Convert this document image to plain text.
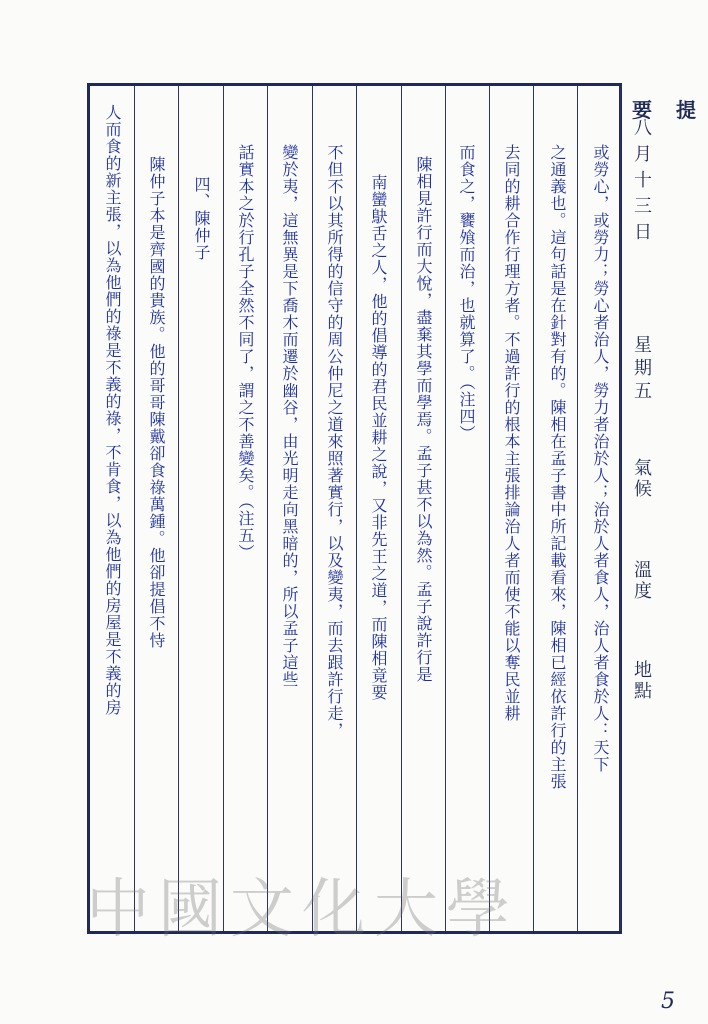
要	提
或勞心，或勞力；勞心者治人，勞力者治於人；治於人者食人，治人者食於人：天下
之通義也。這句話是在針對有的。陳相在孟子書中所記載看來，陳相已經依許行的主張
去同的耕合作行理方者。不過許行的根本主張排論治人者而使不能以奪民並耕
而食之，饔飧而治，也就算了。（注四）
陳相見許行而大悅，盡棄其學而學焉。孟子甚不以為然。孟子說許行是
南蠻鴃舌之人，他的倡導的君民並耕之說，又非先王之道，而陳相竟要
不但不以其所得的信守的周公仲尼之道來照著實行，以及變夷，而去跟許行走，
變於夷，這無異是下喬木而遷於幽谷，由光明走向黑暗的，所以孟子這些
話實本之於行孔子全然不同了，謂之不善變矣。（注五）
四、陳仲子
陳仲子本是齊國的貴族。他的哥哥陳戴卻食祿萬鍾。他卻提倡不恃
人而食的新主張，以為他們的祿是不義的祿，不肯食，以為他們的房屋是不義的房	八月十三日
星期五
氣候
溫度
地點
中國文化大學
5
